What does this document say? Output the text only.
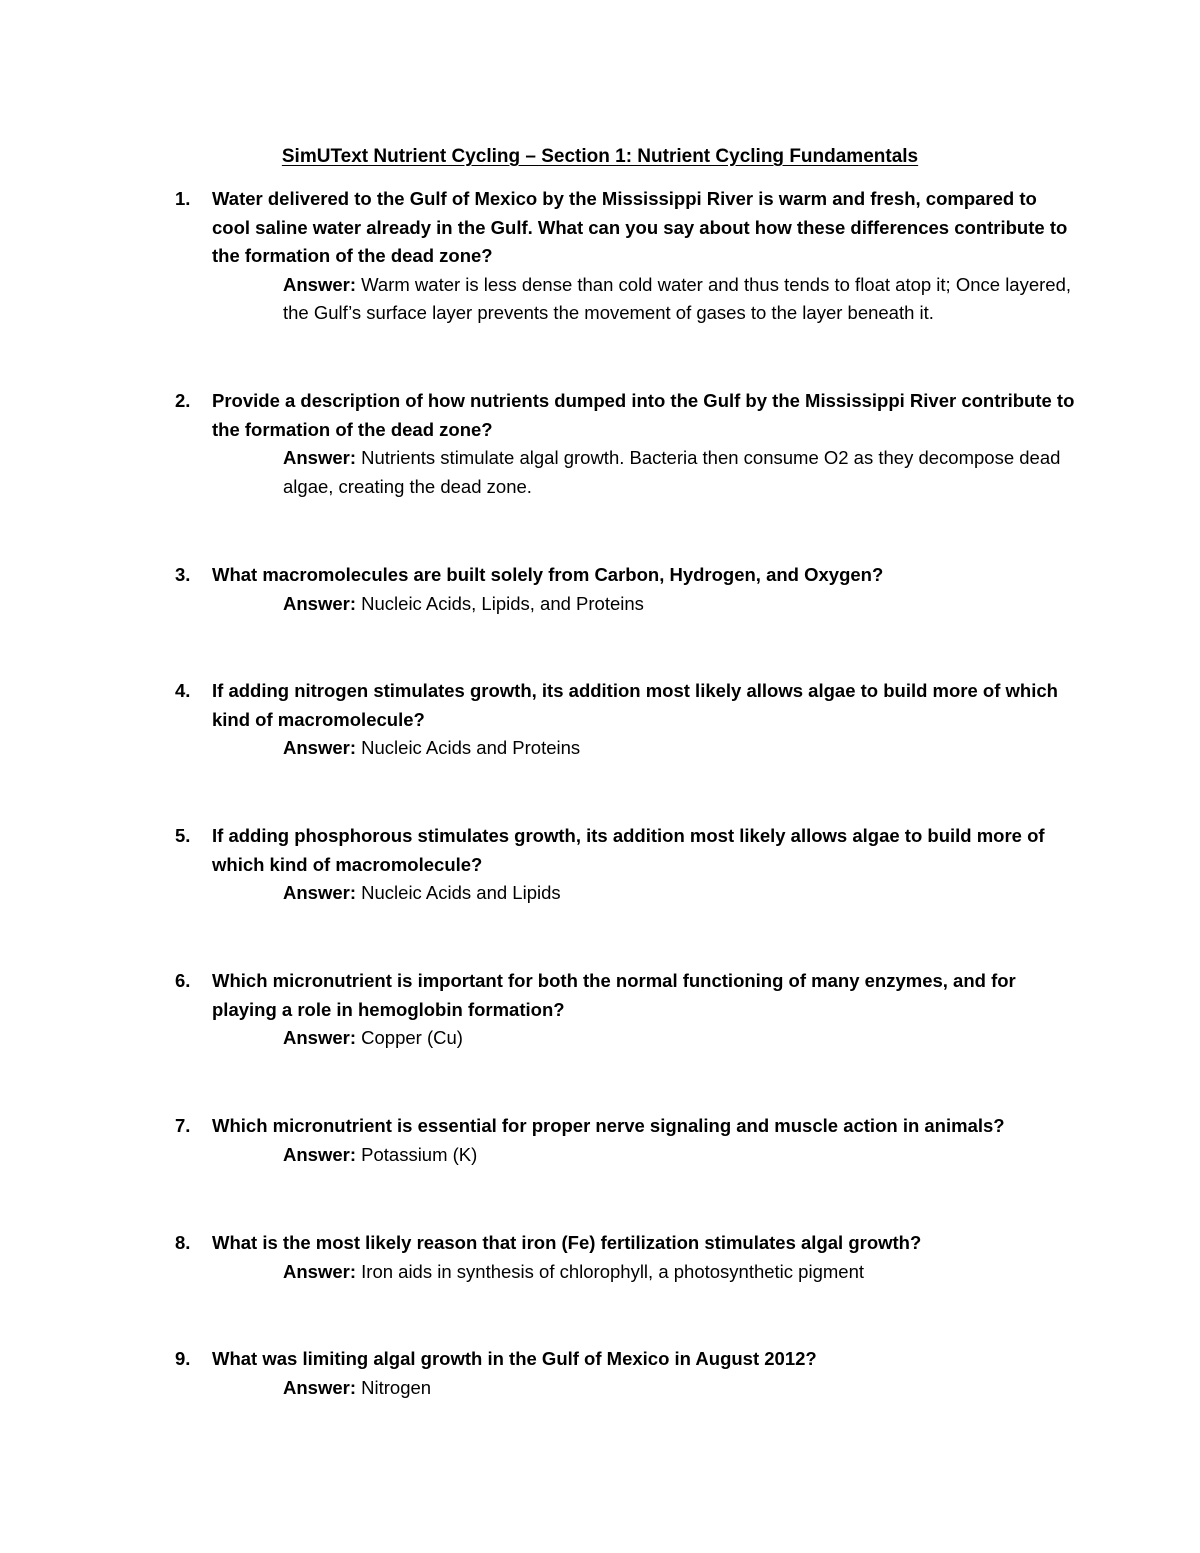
SimUText Nutrient Cycling – Section 1: Nutrient Cycling Fundamentals
1. Water delivered to the Gulf of Mexico by the Mississippi River is warm and fresh, compared to cool saline water already in the Gulf. What can you say about how these differences contribute to the formation of the dead zone?
Answer: Warm water is less dense than cold water and thus tends to float atop it; Once layered, the Gulf’s surface layer prevents the movement of gases to the layer beneath it.
2. Provide a description of how nutrients dumped into the Gulf by the Mississippi River contribute to the formation of the dead zone?
Answer: Nutrients stimulate algal growth. Bacteria then consume O2 as they decompose dead algae, creating the dead zone.
3. What macromolecules are built solely from Carbon, Hydrogen, and Oxygen?
Answer: Nucleic Acids, Lipids, and Proteins
4. If adding nitrogen stimulates growth, its addition most likely allows algae to build more of which kind of macromolecule?
Answer: Nucleic Acids and Proteins
5. If adding phosphorous stimulates growth, its addition most likely allows algae to build more of which kind of macromolecule?
Answer: Nucleic Acids and Lipids
6. Which micronutrient is important for both the normal functioning of many enzymes, and for playing a role in hemoglobin formation?
Answer: Copper (Cu)
7. Which micronutrient is essential for proper nerve signaling and muscle action in animals?
Answer: Potassium (K)
8. What is the most likely reason that iron (Fe) fertilization stimulates algal growth?
Answer: Iron aids in synthesis of chlorophyll, a photosynthetic pigment
9. What was limiting algal growth in the Gulf of Mexico in August 2012?
Answer: Nitrogen
